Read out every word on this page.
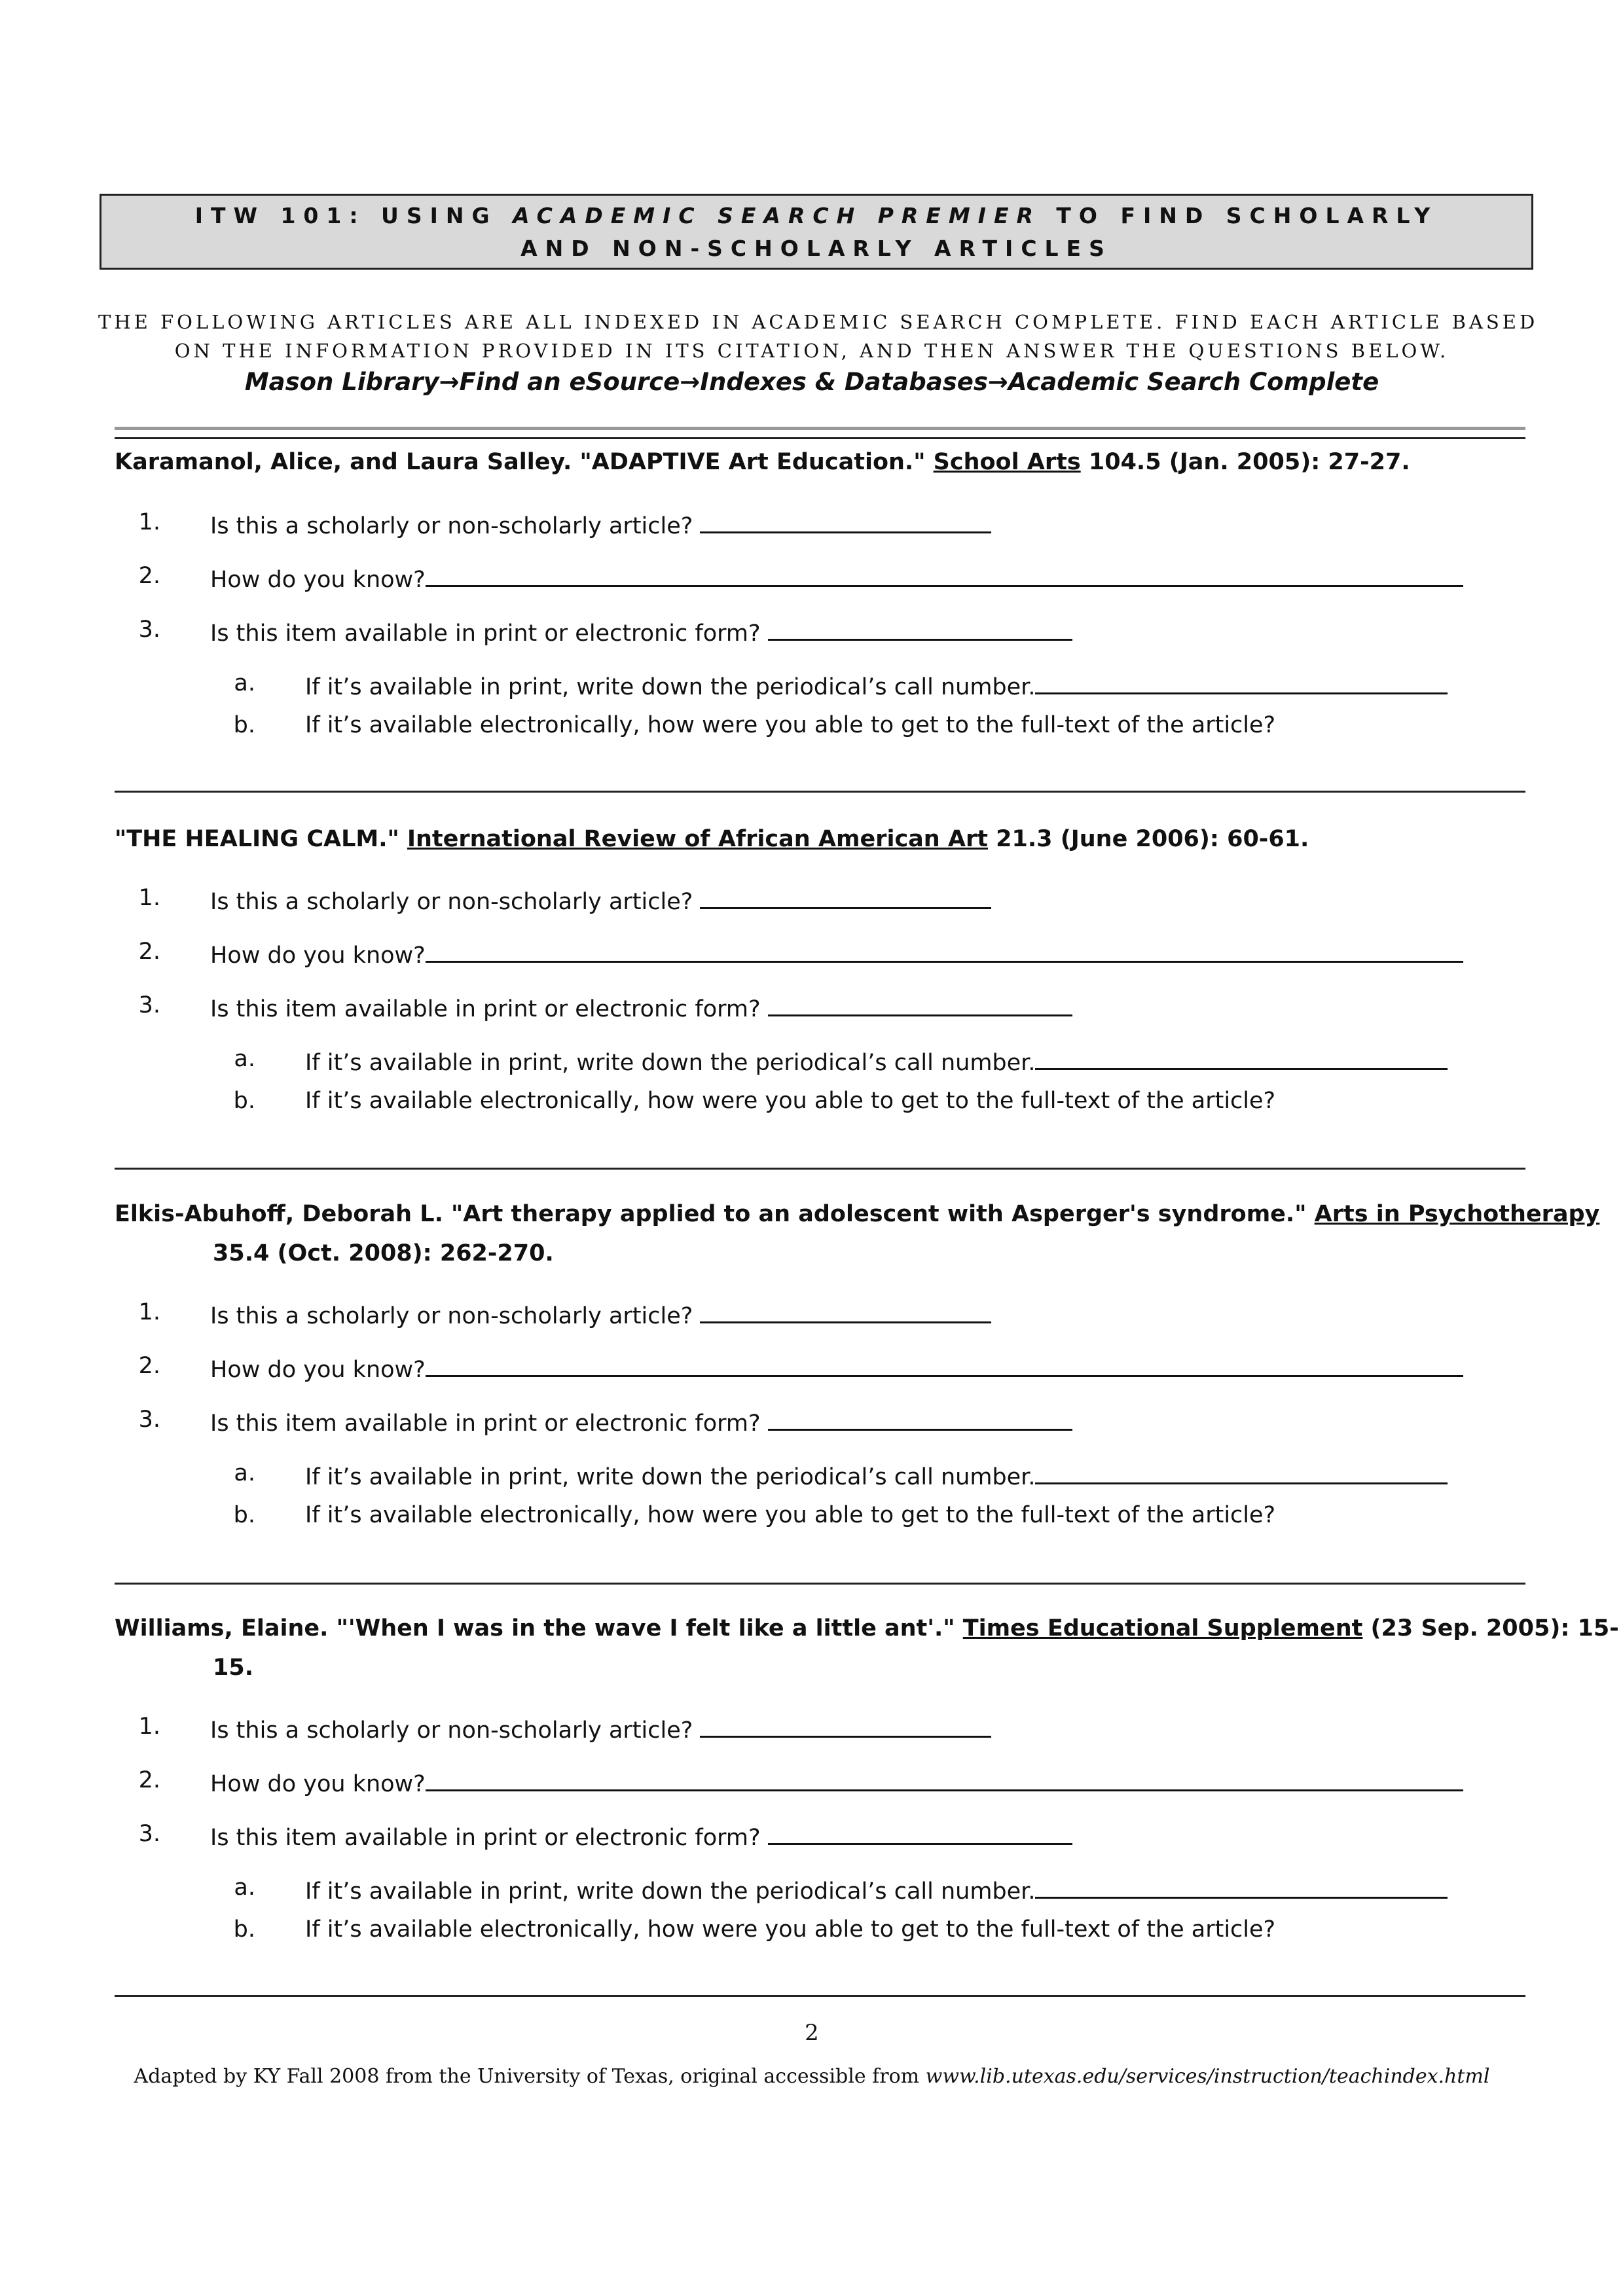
ITW 101: USING ACADEMIC SEARCH PREMIER TO FIND SCHOLARLY
AND NON-SCHOLARLY ARTICLES
THE FOLLOWING ARTICLES ARE ALL INDEXED IN ACADEMIC SEARCH COMPLETE. FIND EACH ARTICLE BASED
ON THE INFORMATION PROVIDED IN ITS CITATION, AND THEN ANSWER THE QUESTIONS BELOW.
Mason Library→Find an eSource→Indexes & Databases→Academic Search Complete
Karamanol, Alice, and Laura Salley. "ADAPTIVE Art Education." School Arts 104.5 (Jan. 2005): 27-27.
1. Is this a scholarly or non-scholarly article?
2. How do you know?
3. Is this item available in print or electronic form?
a. If it’s available in print, write down the periodical’s call number.
b. If it’s available electronically, how were you able to get to the full-text of the article?
"THE HEALING CALM." International Review of African American Art 21.3 (June 2006): 60-61.
1. Is this a scholarly or non-scholarly article?
2. How do you know?
3. Is this item available in print or electronic form?
a. If it’s available in print, write down the periodical’s call number.
b. If it’s available electronically, how were you able to get to the full-text of the article?
Elkis-Abuhoff, Deborah L. "Art therapy applied to an adolescent with Asperger's syndrome." Arts in Psychotherapy 35.4 (Oct. 2008): 262-270.
1. Is this a scholarly or non-scholarly article?
2. How do you know?
3. Is this item available in print or electronic form?
a. If it’s available in print, write down the periodical’s call number.
b. If it’s available electronically, how were you able to get to the full-text of the article?
Williams, Elaine. "'When I was in the wave I felt like a little ant'." Times Educational Supplement (23 Sep. 2005): 15-15.
1. Is this a scholarly or non-scholarly article?
2. How do you know?
3. Is this item available in print or electronic form?
a. If it’s available in print, write down the periodical’s call number.
b. If it’s available electronically, how were you able to get to the full-text of the article?
2
Adapted by KY Fall 2008 from the University of Texas, original accessible from www.lib.utexas.edu/services/instruction/teachindex.html
